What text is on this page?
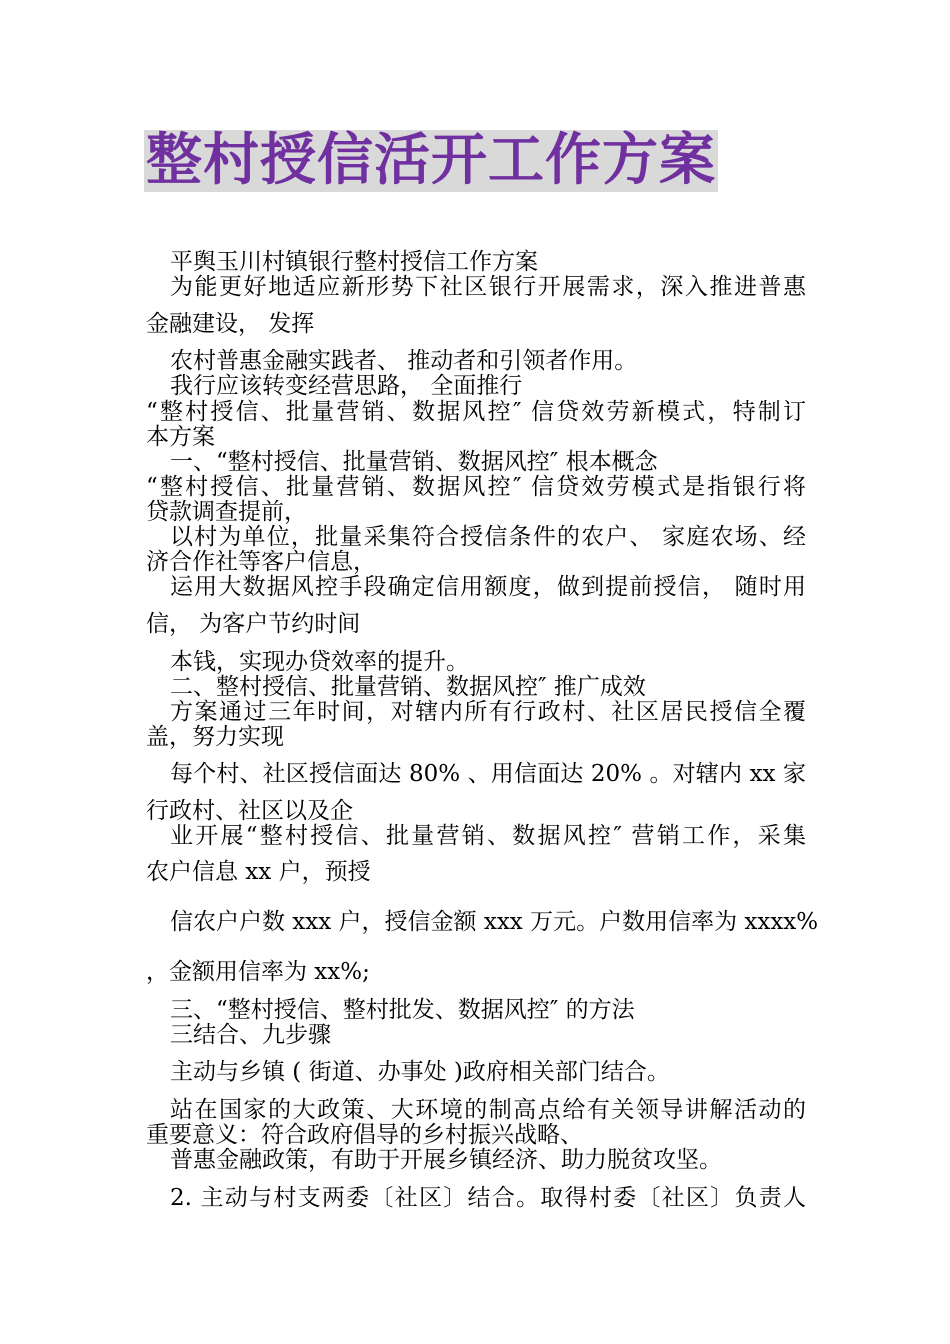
整村授信活开工作方案
平舆玉川村镇银行整村授信工作方案
为能更好地适应新形势下社区银行开展需求，深入推进普惠
金融建设， 发挥
农村普惠金融实践者、 推动者和引领者作用。
我行应该转变经营思路， 全面推行
“整村授信、批量营销、数据风控″ 信贷效劳新模式，特制订
本方案
一、“整村授信、批量营销、数据风控″ 根本概念
“整村授信、批量营销、数据风控″ 信贷效劳模式是指银行将
贷款调查提前，
以村为单位，批量采集符合授信条件的农户、 家庭农场、经
济合作社等客户信息，
运用大数据风控手段确定信用额度，做到提前授信， 随时用
信， 为客户节约时间
本钱，实现办贷效率的提升。
二、整村授信、批量营销、数据风控″ 推广成效
方案通过三年时间，对辖内所有行政村、社区居民授信全覆
盖，努力实现
每个村、社区授信面达 80% 、用信面达 20% 。对辖内 xx 家
行政村、社区以及企
业开展“整村授信、批量营销、数据风控″ 营销工作，采集
农户信息 xx 户，预授
信农户户数 xxx 户，授信金额 xxx 万元。户数用信率为 xxxx%
，金额用信率为 xx%;
三、“整村授信、整村批发、数据风控″ 的方法
三结合、九步骤
主动与乡镇 ( 街道、办事处 )政府相关部门结合。
站在国家的大政策、大环境的制高点给有关领导讲解活动的
重要意义：符合政府倡导的乡村振兴战略、
普惠金融政策，有助于开展乡镇经济、助力脱贫攻坚。
2. 主动与村支两委〔社区〕结合。取得村委〔社区〕负责人
